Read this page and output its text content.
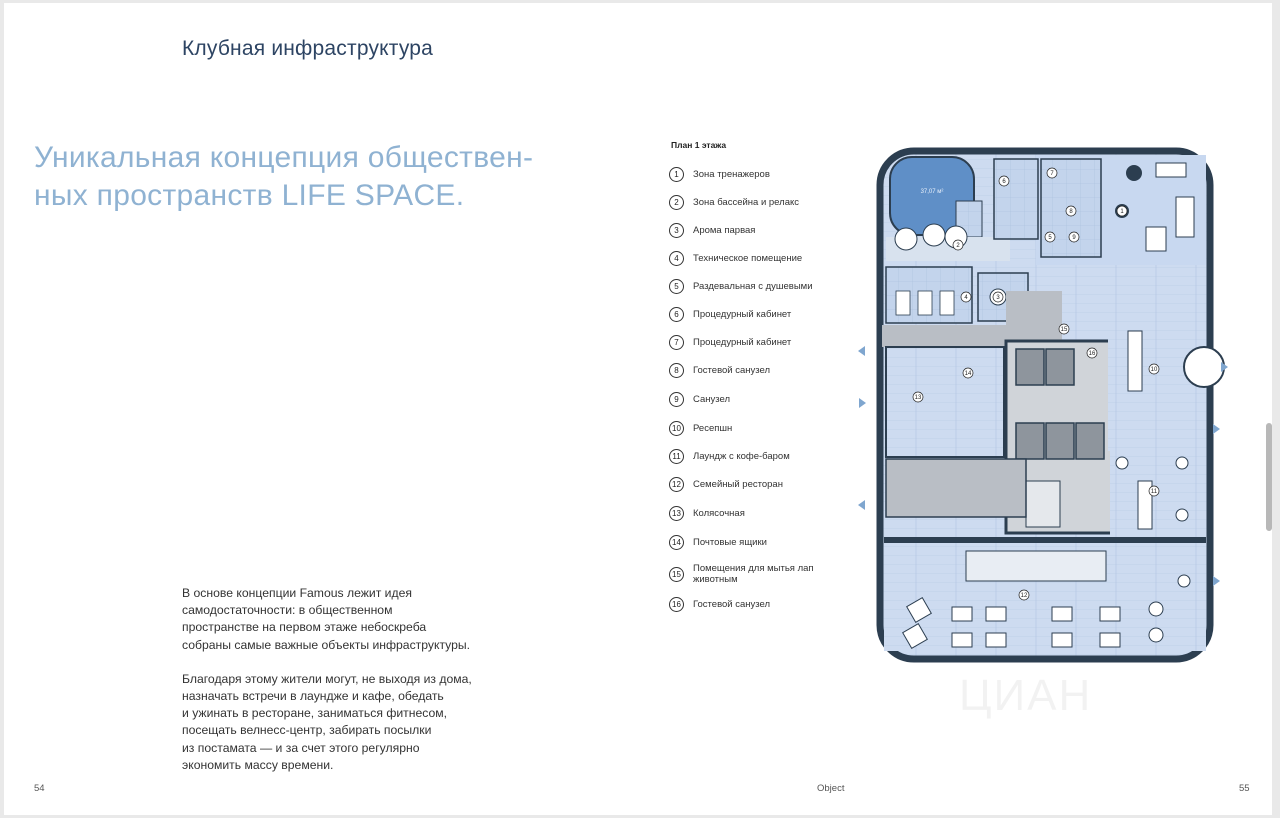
Клубная инфраструктура
Уникальная концепция обществен-
ных пространств LIFE SPACE.

В основе концепции Famous лежит идея
самодостаточности: в общественном
пространстве на первом этаже небоскреба
собраны самые важные объекты инфраструктуры.

Благодаря этому жители могут, не выходя из дома,
назначать встречи в лаундже и кафе, обедать
и ужинать в ресторане, заниматься фитнесом,
посещать велнесс-центр, забирать посылки
из постамата — и за счет этого регулярно
экономить массу времени.

План 1 этажа
1	Зона тренажеров
2	Зона бассейна и релакс
3	Арома парвая
4	Техническое помещение
5	Раздевальная с душевыми
6	Процедурный кабинет
7	Процедурный кабинет
8	Гостевой санузел
9	Санузел
10	Ресепшн
11	Лаундж с кофе-баром
12	Семейный ресторан
13	Колясочная
14	Почтовые ящики
15	Помещения для мытья лап животным
16	Гостевой санузел
37,07 м²
6
7
8
9
5
1
2
3
4
10
11
12
13
14
15
16
ЦИАН
54	Object	55
